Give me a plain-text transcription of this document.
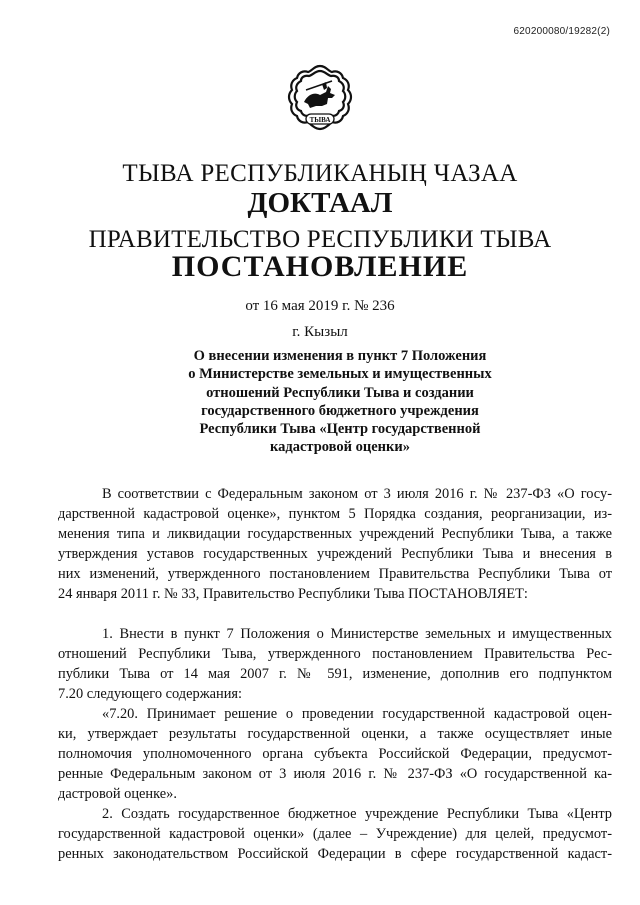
620200080/19282(2)
ТЫВА
ТЫВА РЕСПУБЛИКАНЫҢ ЧАЗАА
ДОКТААЛ
ПРАВИТЕЛЬСТВО РЕСПУБЛИКИ ТЫВА
ПОСТАНОВЛЕНИЕ
от 16 мая 2019 г. № 236
г. Кызыл
О внесении изменения в пункт 7 Положения
о Министерстве земельных и имущественных
отношений Республики Тыва и создании
государственного бюджетного учреждения
Республики Тыва «Центр государственной
кадастровой оценки»
В соответствии с Федеральным законом от 3 июля 2016 г. № 237-ФЗ «О госу-
дарственной кадастровой оценке», пунктом 5 Порядка создания, реорганизации, из-
менения типа и ликвидации государственных учреждений Республики Тыва, а также
утверждения уставов государственных учреждений Республики Тыва и внесения в
них изменений, утвержденного постановлением Правительства Республики Тыва от
24 января 2011 г. № 33, Правительство Республики Тыва ПОСТАНОВЛЯЕТ:
1. Внести в пункт 7 Положения о Министерстве земельных и имущественных
отношений Республики Тыва, утвержденного постановлением Правительства Рес-
публики Тыва от 14 мая 2007 г. № 591, изменение, дополнив его подпунктом
7.20 следующего содержания:
«7.20. Принимает решение о проведении государственной кадастровой оцен-
ки, утверждает результаты государственной оценки, а также осуществляет иные
полномочия уполномоченного органа субъекта Российской Федерации, предусмот-
ренные Федеральным законом от 3 июля 2016 г. № 237-ФЗ «О государственной ка-
дастровой оценке».
2. Создать государственное бюджетное учреждение Республики Тыва «Центр
государственной кадастровой оценки» (далее – Учреждение) для целей, предусмот-
ренных законодательством Российской Федерации в сфере государственной кадаст-
